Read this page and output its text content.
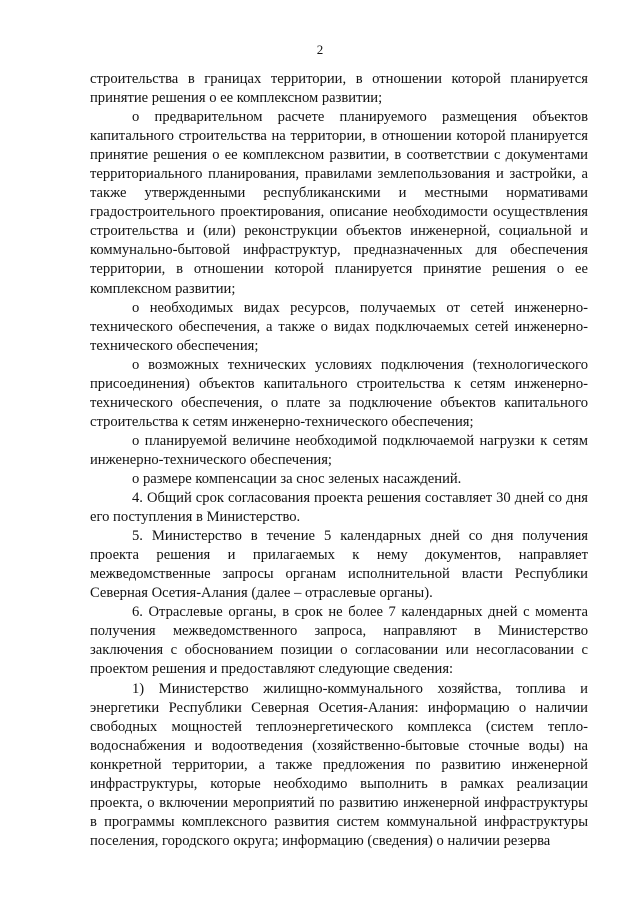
2

строительства в границах территории, в отношении которой планируется принятие решения о ее комплексном развитии;

о предварительном расчете планируемого размещения объектов капитального строительства на территории, в отношении которой планируется принятие решения о ее комплексном развитии, в соответствии с документами территориального планирования, правилами землепользования и застройки, а также утвержденными республиканскими и местными нормативами градостроительного проектирования, описание необходимости осуществления строительства и (или) реконструкции объектов инженерной, социальной и коммунально-бытовой инфраструктур, предназначенных для обеспечения территории, в отношении которой планируется принятие решения о ее комплексном развитии;

о необходимых видах ресурсов, получаемых от сетей инженерно-технического обеспечения, а также о видах подключаемых сетей инженерно-технического обеспечения;

о возможных технических условиях подключения (технологического присоединения) объектов капитального строительства к сетям инженерно-технического обеспечения, о плате за подключение объектов капитального строительства к сетям инженерно-технического обеспечения;

о планируемой величине необходимой подключаемой нагрузки к сетям инженерно-технического обеспечения;

о размере компенсации за снос зеленых насаждений.

4. Общий срок согласования проекта решения составляет 30 дней со дня его поступления в Министерство.

5. Министерство в течение 5 календарных дней со дня получения проекта решения и прилагаемых к нему документов, направляет межведомственные запросы органам исполнительной власти Республики Северная Осетия-Алания (далее – отраслевые органы).

6. Отраслевые органы, в срок не более 7 календарных дней с момента получения межведомственного запроса, направляют в Министерство заключения с обоснованием позиции о согласовании или несогласовании с проектом решения и предоставляют следующие сведения:

1) Министерство жилищно-коммунального хозяйства, топлива и энергетики Республики Северная Осетия-Алания: информацию о наличии свободных мощностей теплоэнергетического комплекса (систем тепло-водоснабжения и водоотведения (хозяйственно-бытовые сточные воды) на конкретной территории, а также предложения по развитию инженерной инфраструктуры, которые необходимо выполнить в рамках реализации проекта, о включении мероприятий по развитию инженерной инфраструктуры в программы комплексного развития систем коммунальной инфраструктуры поселения, городского округа; информацию (сведения) о наличии резерва
